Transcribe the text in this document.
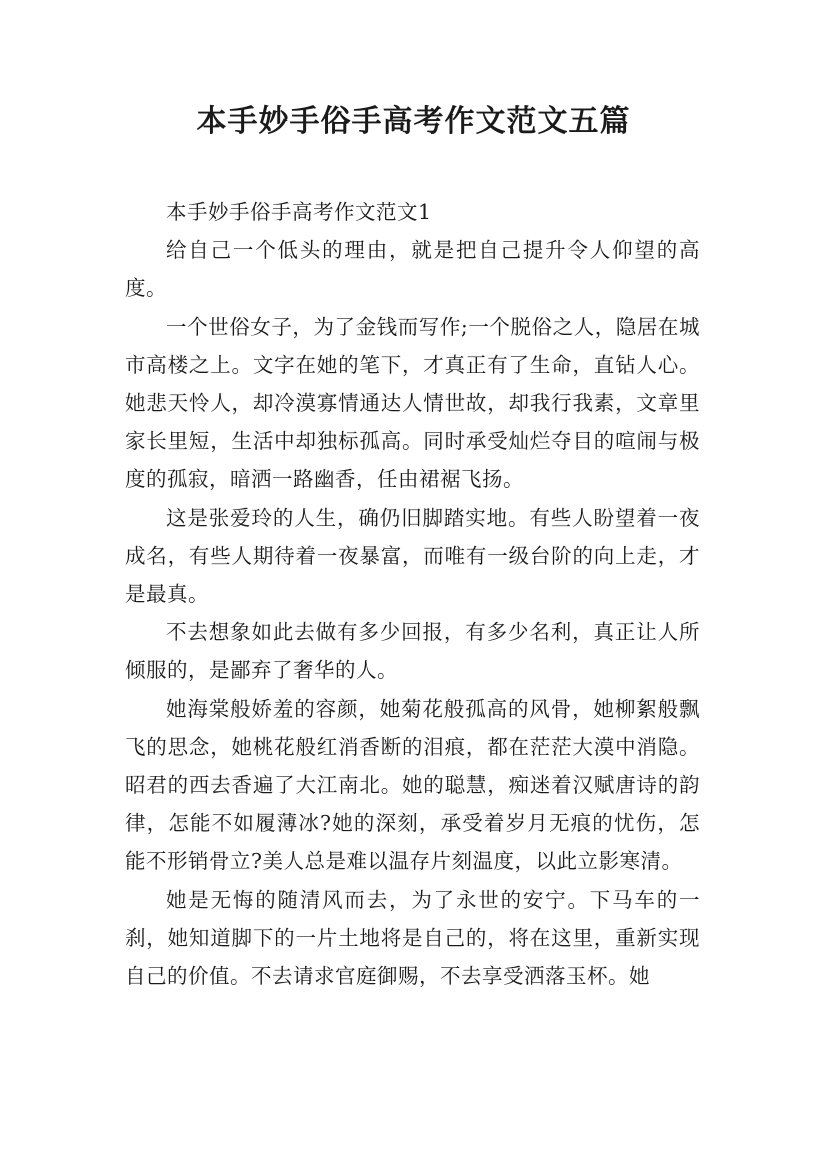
本手妙手俗手高考作文范文五篇

本手妙手俗手高考作文范文1

给自己一个低头的理由，就是把自己提升令人仰望的高度。

一个世俗女子，为了金钱而写作;一个脱俗之人，隐居在城市高楼之上。文字在她的笔下，才真正有了生命，直钻人心。她悲天怜人，却冷漠寡情通达人情世故，却我行我素，文章里家长里短，生活中却独标孤高。同时承受灿烂夺目的喧闹与极度的孤寂，暗洒一路幽香，任由裙裾飞扬。

这是张爱玲的人生，确仍旧脚踏实地。有些人盼望着一夜成名，有些人期待着一夜暴富，而唯有一级台阶的向上走，才是最真。

不去想象如此去做有多少回报，有多少名利，真正让人所倾服的，是鄙弃了奢华的人。

她海棠般娇羞的容颜，她菊花般孤高的风骨，她柳絮般飘飞的思念，她桃花般红消香断的泪痕，都在茫茫大漠中消隐。昭君的西去香遍了大江南北。她的聪慧，痴迷着汉赋唐诗的韵律，怎能不如履薄冰?她的深刻，承受着岁月无痕的忧伤，怎能不形销骨立?美人总是难以温存片刻温度，以此立影寒清。

她是无悔的随清风而去，为了永世的安宁。下马车的一刹，她知道脚下的一片土地将是自己的，将在这里，重新实现自己的价值。不去请求官庭御赐，不去享受洒落玉杯。她
